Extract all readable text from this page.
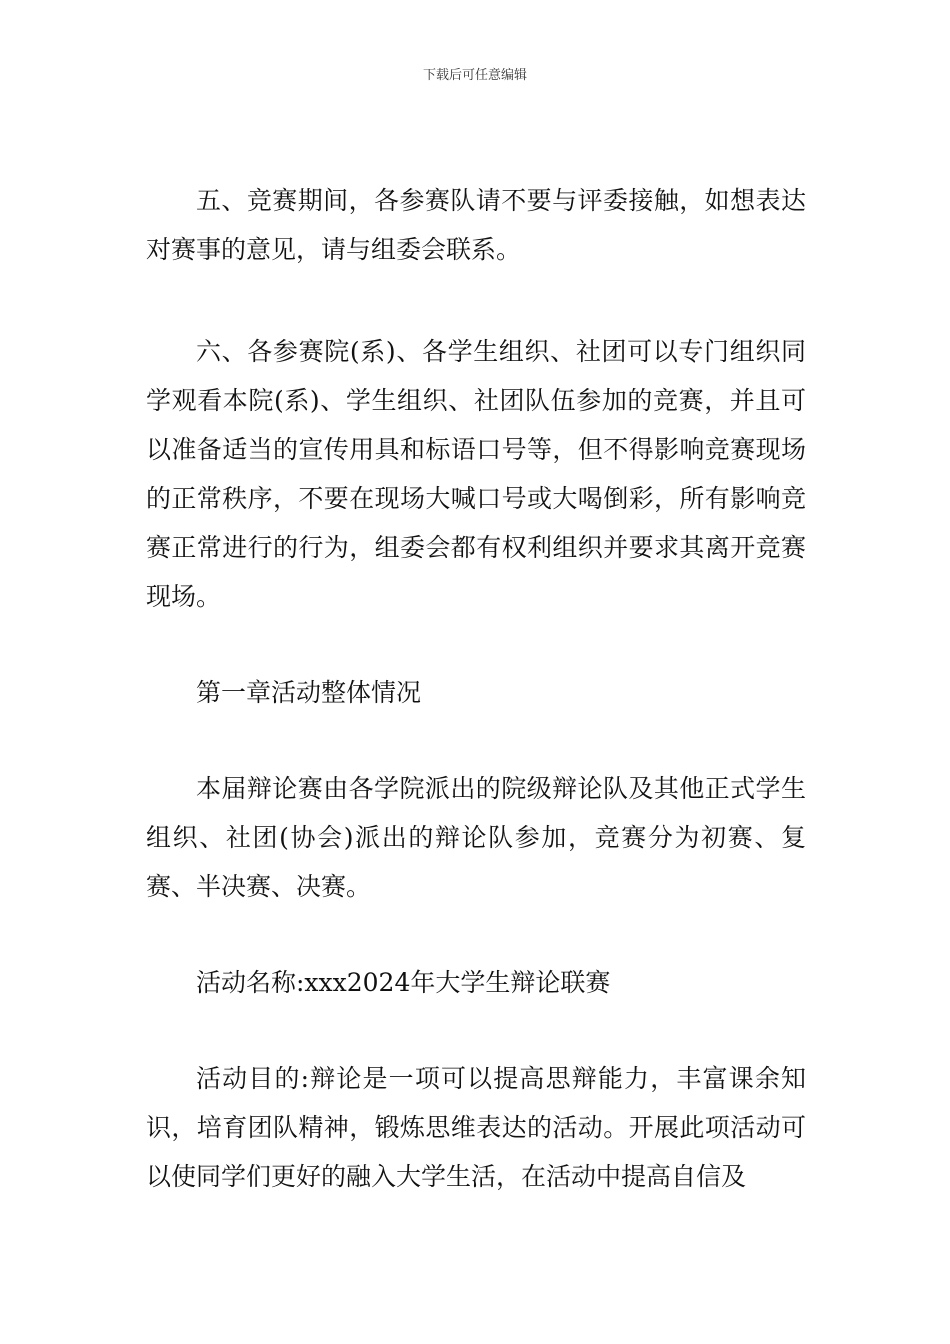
下载后可任意编辑

五、竞赛期间，各参赛队请不要与评委接触，如想表达对赛事的意见，请与组委会联系。

六、各参赛院(系)、各学生组织、社团可以专门组织同学观看本院(系)、学生组织、社团队伍参加的竞赛，并且可以准备适当的宣传用具和标语口号等，但不得影响竞赛现场的正常秩序，不要在现场大喊口号或大喝倒彩，所有影响竞赛正常进行的行为，组委会都有权利组织并要求其离开竞赛现场。

第一章活动整体情况

本届辩论赛由各学院派出的院级辩论队及其他正式学生组织、社团(协会)派出的辩论队参加，竞赛分为初赛、复赛、半决赛、决赛。

活动名称:xxx2024年大学生辩论联赛

活动目的:辩论是一项可以提高思辩能力，丰富课余知识，培育团队精神，锻炼思维表达的活动。开展此项活动可以使同学们更好的融入大学生活，在活动中提高自信及
